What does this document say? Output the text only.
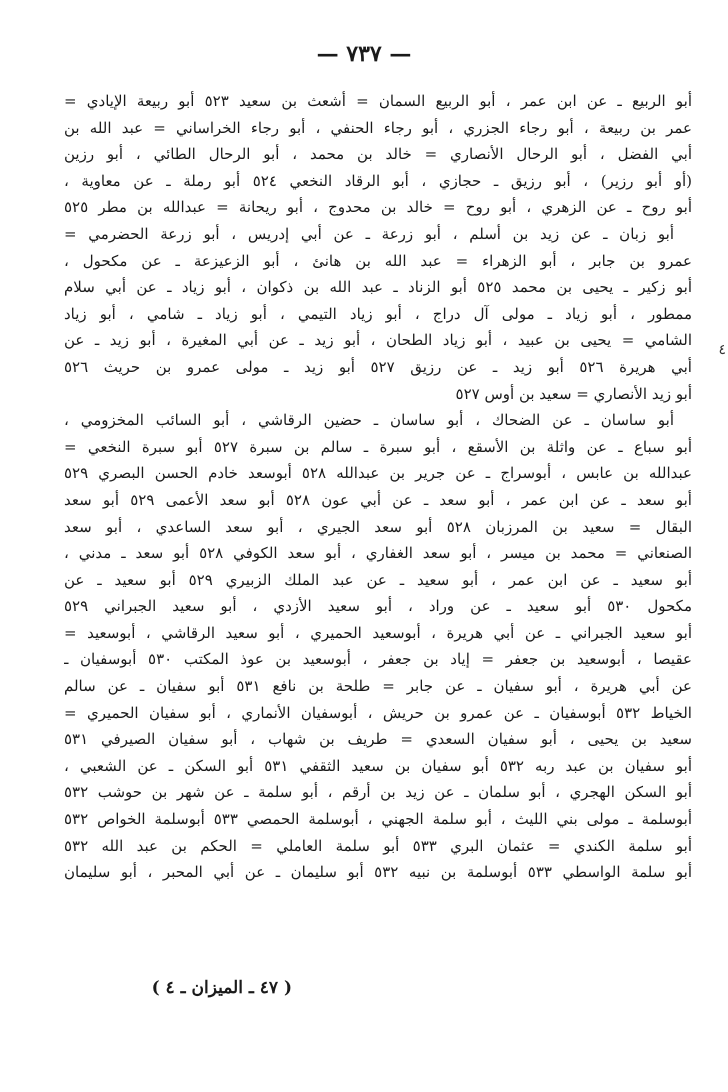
— ٧٣٧ —
أبو الربيع ـ عن ابن عمر ، أبو الربيع السمان = أشعث بن سعيد ٥٢٣ أبو ربيعة الإيادي =
عمر بن ربيعة ، أبو رجاء الجزري ، أبو رجاء الحنفي ، أبو رجاء الخراساني = عبد الله بن
أبي الفضل ، أبو الرحال الأنصاري = خالد بن محمد ، أبو الرحال الطائي ، أبو رزين
(أو أبو رزير) ، أبو رزيق ـ حجازي ، أبو الرقاد النخعي ٥٢٤ أبو رملة ـ عن معاوية ،
أبو روح ـ عن الزهري ، أبو روح = خالد بن محدوج ، أبو ريحانة = عبدالله بن مطر ٥٢٥
أبو زبان ـ عن زيد بن أسلم ، أبو زرعة ـ عن أبي إدريس ، أبو زرعة الحضرمي =
عمرو بن جابر ، أبو الزهراء = عبد الله بن هانئ ، أبو الزعيزعة ـ عن مكحول ،
أبو زكير ـ يحيى بن محمد ٥٢٥ أبو الزناد ـ عبد الله بن ذكوان ، أبو زياد ـ عن أبي سلام
ممطور ، أبو زياد ـ مولى آل دراج ، أبو زياد التيمي ، أبو زياد ـ شامي ، أبو زياد
الشامي = يحيى بن عبيد ، أبو زياد الطحان ، أبو زيد ـ عن أبي المغيرة ، أبو زيد ـ عن
أبي هريرة ٥٢٦ أبو زيد ـ عن رزيق ٥٢٧ أبو زيد ـ مولى عمرو بن حريث ٥٢٦
أبو زيد الأنصاري = سعيد بن أوس ٥٢٧
أبو ساسان ـ عن الضحاك ، أبو ساسان ـ حضين الرقاشي ، أبو السائب المخزومي ،
أبو سباع ـ عن واثلة بن الأسقع ، أبو سبرة ـ سالم بن سبرة ٥٢٧ أبو سبرة النخعي =
عبدالله بن عابس ، أبوسراج ـ عن جرير بن عبدالله ٥٢٨ أبوسعد خادم الحسن البصري ٥٢٩
أبو سعد ـ عن ابن عمر ، أبو سعد ـ عن أبي عون ٥٢٨ أبو سعد الأعمى ٥٢٩ أبو سعد
البقال = سعيد بن المرزبان ٥٢٨ أبو سعد الجيري ، أبو سعد الساعدي ، أبو سعد
الصنعاني = محمد بن ميسر ، أبو سعد الغفاري ، أبو سعد الكوفي ٥٢٨ أبو سعد ـ مدني ،
أبو سعيد ـ عن ابن عمر ، أبو سعيد ـ عن عبد الملك الزبيري ٥٢٩ أبو سعيد ـ عن
مكحول ٥٣٠ أبو سعيد ـ عن وراد ، أبو سعيد الأزدي ، أبو سعيد الجبراني ٥٢٩
أبو سعيد الجبراني ـ عن أبي هريرة ، أبوسعيد الحميري ، أبو سعيد الرقاشي ، أبوسعيد =
عقيصا ، أبوسعيد بن جعفر = إياد بن جعفر ، أبوسعيد بن عوذ المكتب ٥٣٠ أبوسفيان ـ
عن أبي هريرة ، أبو سفيان ـ عن جابر = طلحة بن نافع ٥٣١ أبو سفيان ـ عن سالم
الخياط ٥٣٢ أبوسفيان ـ عن عمرو بن حريش ، أبوسفيان الأنماري ، أبو سفيان الحميري =
سعيد بن يحيى ، أبو سفيان السعدي = طريف بن شهاب ، أبو سفيان الصيرفي ٥٣١
أبو سفيان بن عبد ربه ٥٣٢ أبو سفيان بن سعيد الثقفي ٥٣١ أبو السكن ـ عن الشعبي ،
أبو السكن الهجري ، أبو سلمان ـ عن زيد بن أرقم ، أبو سلمة ـ عن شهر بن حوشب ٥٣٢
أبوسلمة ـ مولى بني الليث ، أبو سلمة الجهني ، أبوسلمة الحمصي ٥٣٣ أبوسلمة الخواص ٥٣٢
أبو سلمة الكندي = عثمان البري ٥٣٣ أبو سلمة العاملي = الحكم بن عبد الله ٥٣٢
أبو سلمة الواسطي ٥٣٣ أبوسلمة بن نبيه ٥٣٢ أبو سليمان ـ عن أبي المحبر ، أبو سليمان
٤
( ٤٧ ـ الميزان ـ ٤ )
